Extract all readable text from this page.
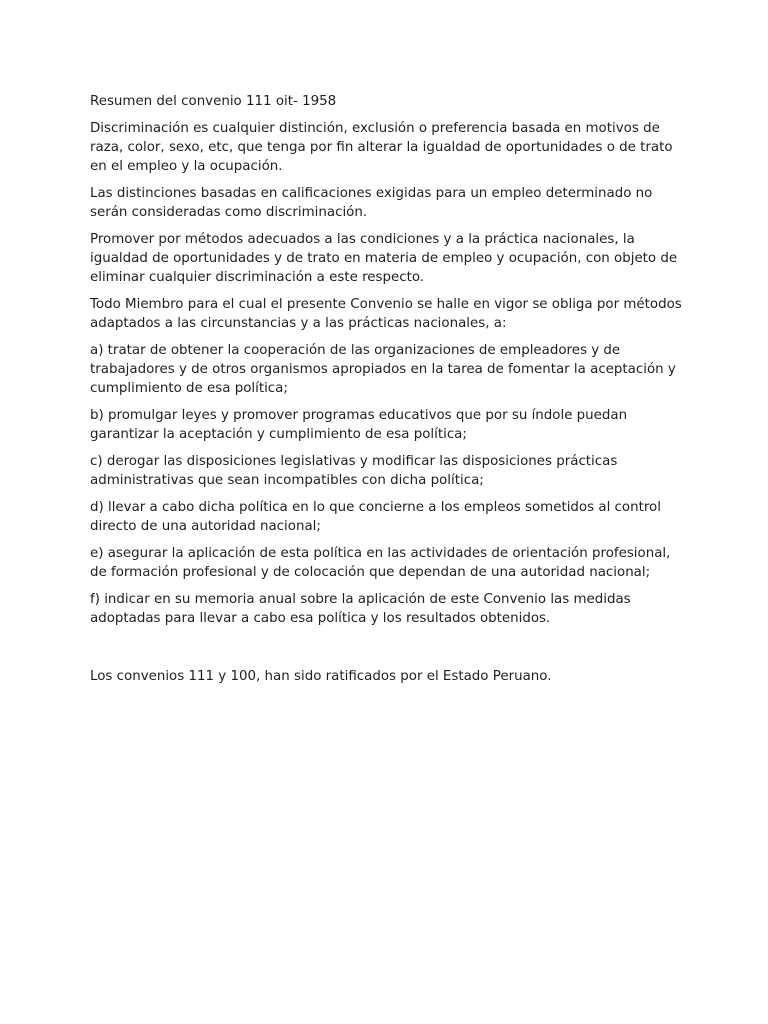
Resumen del convenio 111 oit- 1958

Discriminación es cualquier distinción, exclusión o preferencia basada en motivos de raza, color, sexo, etc, que tenga por fin alterar la igualdad de oportunidades o de trato en el empleo y la ocupación.

Las distinciones basadas en calificaciones exigidas para un empleo determinado no serán consideradas como discriminación.

Promover por métodos adecuados a las condiciones y a la práctica nacionales, la igualdad de oportunidades y de trato en materia de empleo y ocupación, con objeto de eliminar cualquier discriminación a este respecto.

Todo Miembro para el cual el presente Convenio se halle en vigor se obliga por métodos adaptados a las circunstancias y a las prácticas nacionales, a:

a) tratar de obtener la cooperación de las organizaciones de empleadores y de trabajadores y de otros organismos apropiados en la tarea de fomentar la aceptación y cumplimiento de esa política;

b) promulgar leyes y promover programas educativos que por su índole puedan garantizar la aceptación y cumplimiento de esa política;

c) derogar las disposiciones legislativas y modificar las disposiciones prácticas administrativas que sean incompatibles con dicha política;

d) llevar a cabo dicha política en lo que concierne a los empleos sometidos al control directo de una autoridad nacional;

e) asegurar la aplicación de esta política en las actividades de orientación profesional, de formación profesional y de colocación que dependan de una autoridad nacional;

f) indicar en su memoria anual sobre la aplicación de este Convenio las medidas adoptadas para llevar a cabo esa política y los resultados obtenidos.

Los convenios 111 y 100, han sido ratificados por el Estado Peruano.
